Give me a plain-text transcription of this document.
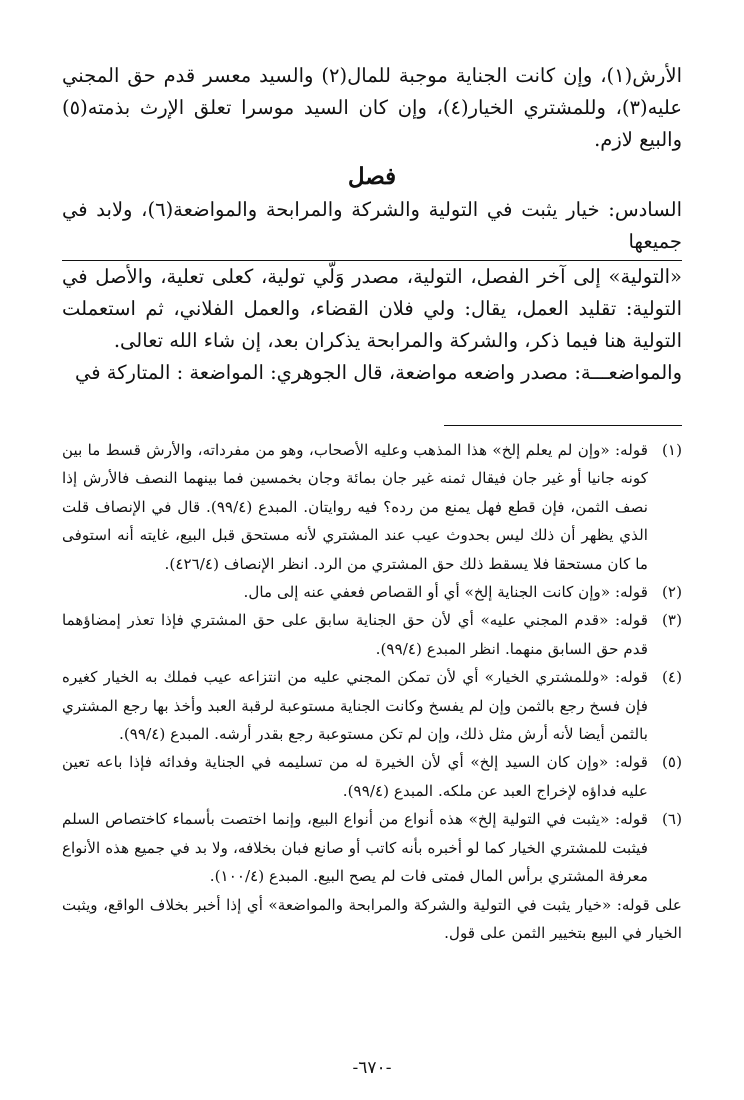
الأرش(١)، وإن كانت الجناية موجبة للمال(٢) والسيد معسر قدم حق المجني عليه(٣)، وللمشتري الخيار(٤)، وإن كان السيد موسرا تعلق الإرث بذمته(٥) والبيع لازم.

فصل

السادس: خيار يثبت في التولية والشركة والمرابحة والمواضعة(٦)، ولابد في جميعها

«التولية» إلى آخر الفصل، التولية، مصدر وَلّي تولية، كعلى تعلية، والأصل في التولية: تقليد العمل، يقال: ولي فلان القضاء، والعمل الفلاني، ثم استعملت التولية هنا فيما ذكر، والشركة والمرابحة يذكران بعد، إن شاء الله تعالى.

والمواضعـــة: مصدر واضعه مواضعة، قال الجوهري: المواضعة : المتاركة في

(١)
قوله: «وإن لم يعلم إلخ» هذا المذهب وعليه الأصحاب، وهو من مفرداته، والأرش قسط ما بين كونه جانيا أو غير جان فيقال ثمنه غير جان بمائة وجان بخمسين فما بينهما النصف فالأرش إذا نصف الثمن، فإن قطع فهل يمنع من رده؟ فيه روايتان. المبدع (٩٩/٤). قال في الإنصاف قلت الذي يظهر أن ذلك ليس بحدوث عيب عند المشتري لأنه مستحق قبل البيع، غايته أنه استوفى ما كان مستحقا فلا يسقط ذلك حق المشتري من الرد. انظر الإنصاف (٤٢٦/٤).
(٢)
قوله: «وإن كانت الجناية إلخ» أي أو القصاص فعفي عنه إلى مال.
(٣)
قوله: «قدم المجني عليه» أي لأن حق الجناية سابق على حق المشتري فإذا تعذر إمضاؤهما قدم حق السابق منهما. انظر المبدع (٩٩/٤).
(٤)
قوله: «وللمشتري الخيار» أي لأن تمكن المجني عليه من انتزاعه عيب فملك به الخيار كغيره فإن فسخ رجع بالثمن وإن لم يفسخ وكانت الجناية مستوعبة لرقبة العبد وأخذ بها رجع المشتري بالثمن أيضا لأنه أرش مثل ذلك، وإن لم تكن مستوعبة رجع بقدر أرشه. المبدع (٩٩/٤).
(٥)
قوله: «وإن كان السيد إلخ» أي لأن الخيرة له من تسليمه في الجناية وفدائه فإذا باعه تعين عليه فداؤه لإخراج العبد عن ملكه. المبدع (٩٩/٤).
(٦)
قوله: «يثبت في التولية إلخ» هذه أنواع من أنواع البيع، وإنما اختصت بأسماء كاختصاص السلم فيثبت للمشتري الخيار كما لو أخبره بأنه كاتب أو صانع فبان بخلافه، ولا بد في جميع هذه الأنواع معرفة المشتري برأس المال فمتى فات لم يصح البيع. المبدع (١٠٠/٤).
على قوله: «خيار يثبت في التولية والشركة والمرابحة والمواضعة» أي إذا أخبر بخلاف الواقع، ويثبت الخيار في البيع بتخيير الثمن على قول.
-٦٧٠-
